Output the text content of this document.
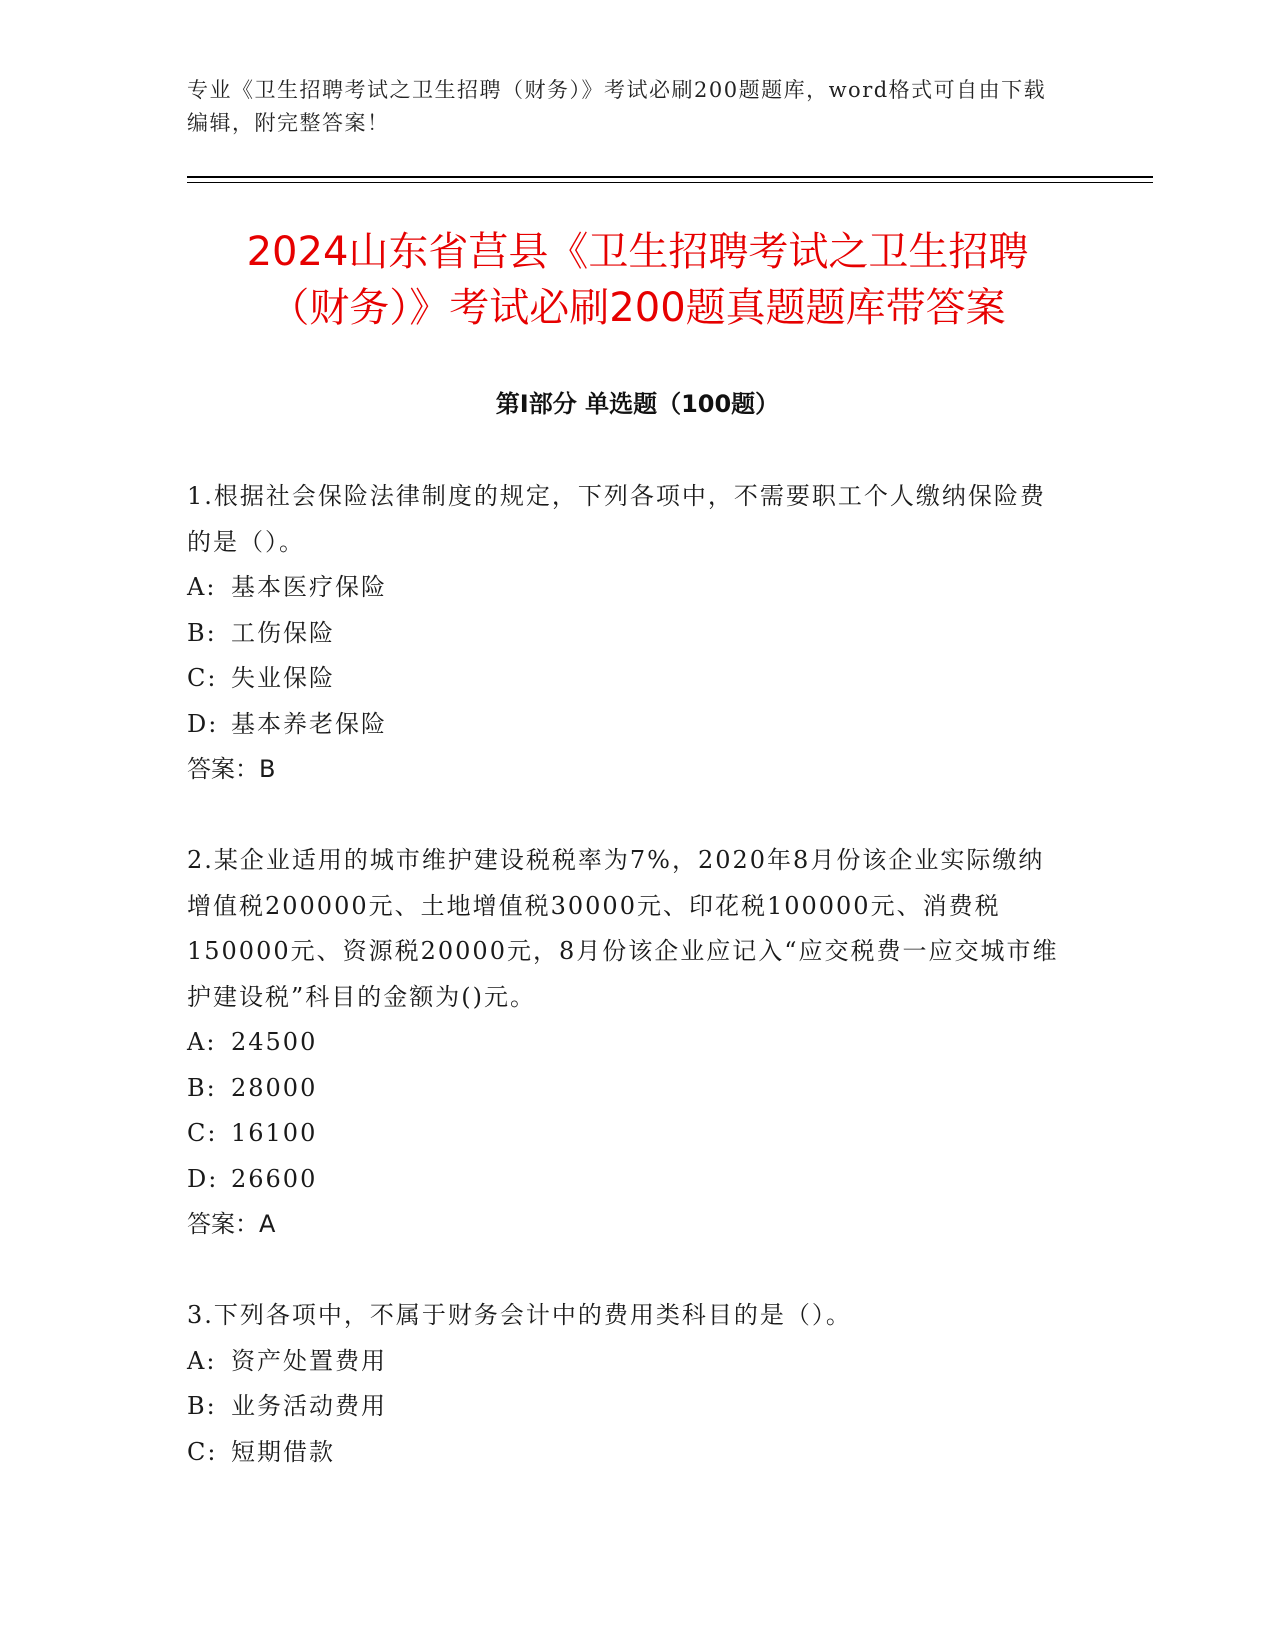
专业《卫生招聘考试之卫生招聘（财务）》考试必刷200题题库，word格式可自由下载编辑，附完整答案！
2024山东省莒县《卫生招聘考试之卫生招聘
（财务）》考试必刷200题真题题库带答案
第Ⅰ部分 单选题（100题）

1.根据社会保险法律制度的规定，下列各项中，不需要职工个人缴纳保险费的是（）。

A: 基本医疗保险

B: 工伤保险

C: 失业保险

D: 基本养老保险

答案：B

2.某企业适用的城市维护建设税税率为7%，2020年8月份该企业实际缴纳增值税200000元、土地增值税30000元、印花税100000元、消费税150000元、资源税20000元，8月份该企业应记入“应交税费一应交城市维护建设税”科目的金额为()元。

A: 24500

B: 28000

C: 16100

D: 26600

答案：A

3.下列各项中，不属于财务会计中的费用类科目的是（）。

A: 资产处置费用

B: 业务活动费用

C: 短期借款
